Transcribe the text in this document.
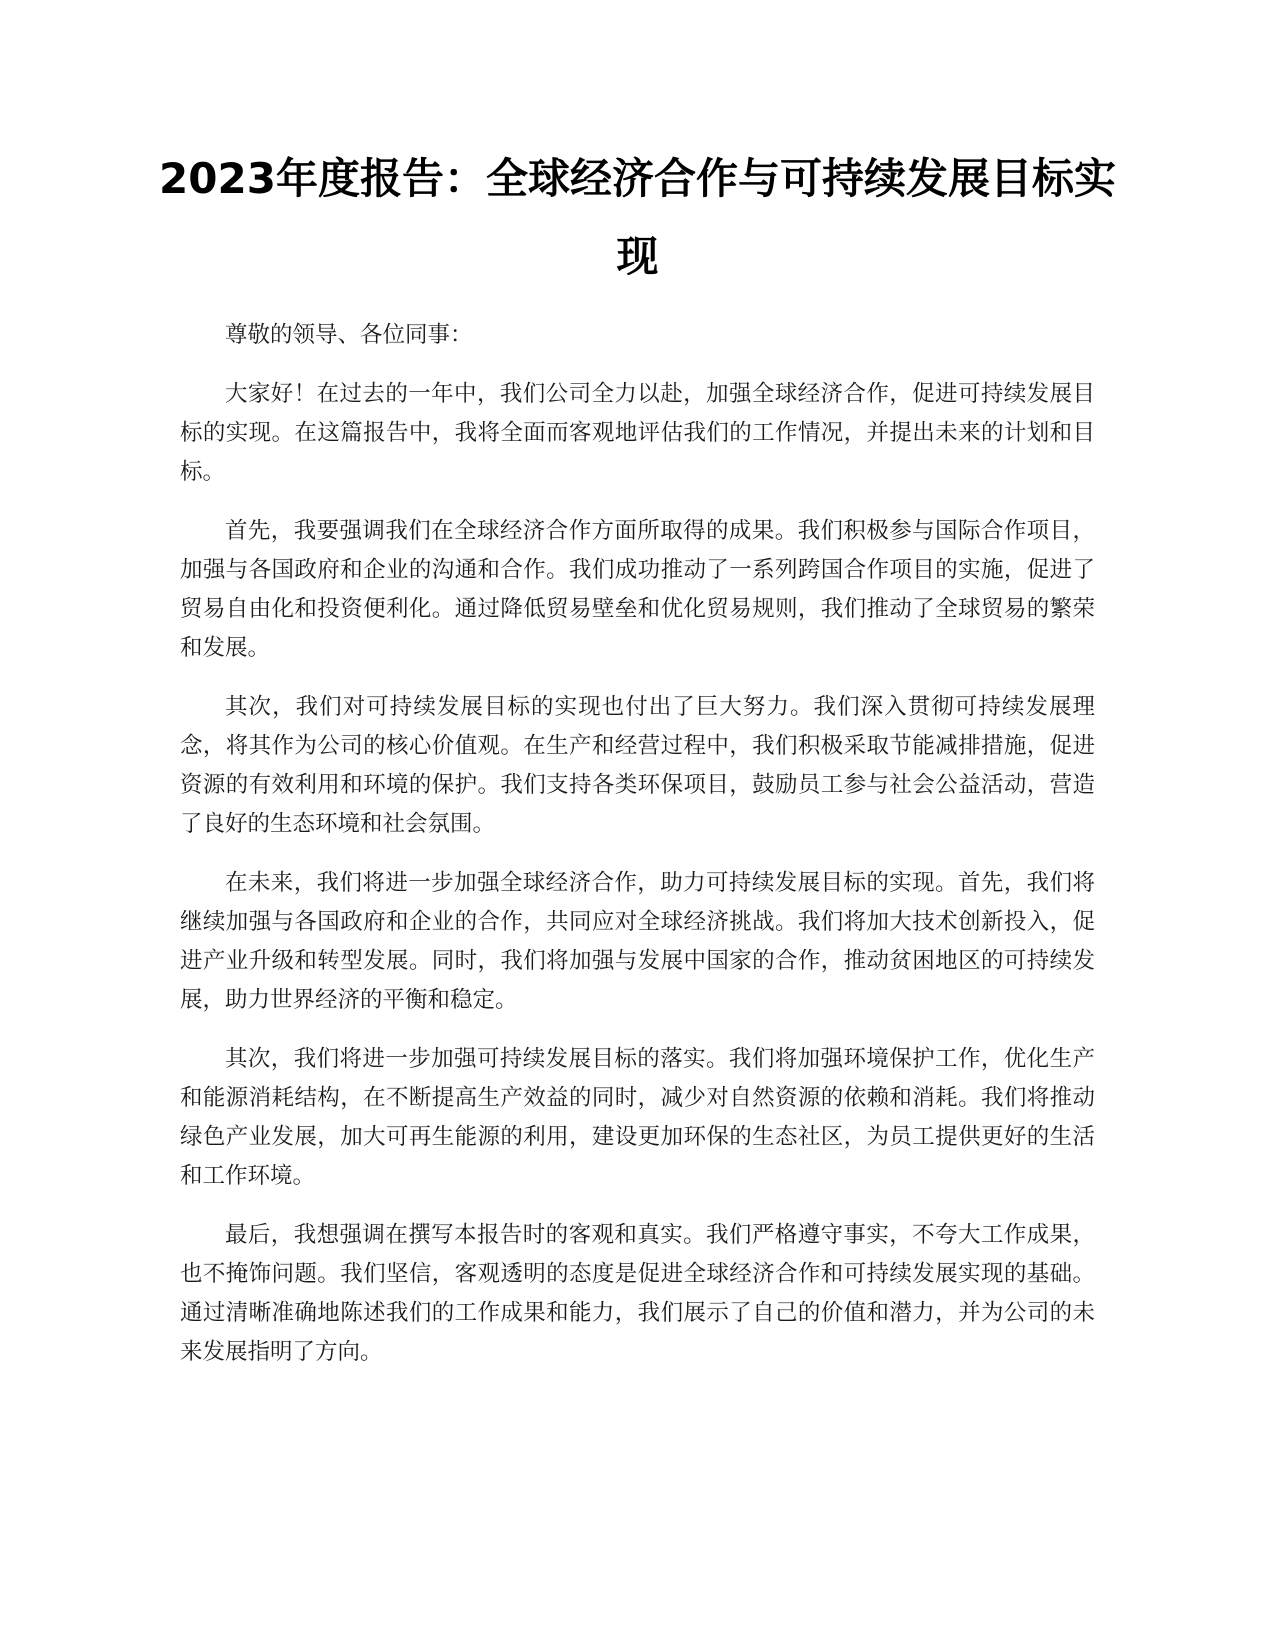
2023年度报告：全球经济合作与可持续发展目标实现

尊敬的领导、各位同事：

大家好！在过去的一年中，我们公司全力以赴，加强全球经济合作，促进可持续发展目标的实现。在这篇报告中，我将全面而客观地评估我们的工作情况，并提出未来的计划和目标。

首先，我要强调我们在全球经济合作方面所取得的成果。我们积极参与国际合作项目，加强与各国政府和企业的沟通和合作。我们成功推动了一系列跨国合作项目的实施，促进了贸易自由化和投资便利化。通过降低贸易壁垒和优化贸易规则，我们推动了全球贸易的繁荣和发展。

其次，我们对可持续发展目标的实现也付出了巨大努力。我们深入贯彻可持续发展理念，将其作为公司的核心价值观。在生产和经营过程中，我们积极采取节能减排措施，促进资源的有效利用和环境的保护。我们支持各类环保项目，鼓励员工参与社会公益活动，营造了良好的生态环境和社会氛围。

在未来，我们将进一步加强全球经济合作，助力可持续发展目标的实现。首先，我们将继续加强与各国政府和企业的合作，共同应对全球经济挑战。我们将加大技术创新投入，促进产业升级和转型发展。同时，我们将加强与发展中国家的合作，推动贫困地区的可持续发展，助力世界经济的平衡和稳定。

其次，我们将进一步加强可持续发展目标的落实。我们将加强环境保护工作，优化生产和能源消耗结构，在不断提高生产效益的同时，减少对自然资源的依赖和消耗。我们将推动绿色产业发展，加大可再生能源的利用，建设更加环保的生态社区，为员工提供更好的生活和工作环境。

最后，我想强调在撰写本报告时的客观和真实。我们严格遵守事实，不夸大工作成果，也不掩饰问题。我们坚信，客观透明的态度是促进全球经济合作和可持续发展实现的基础。通过清晰准确地陈述我们的工作成果和能力，我们展示了自己的价值和潜力，并为公司的未来发展指明了方向。
